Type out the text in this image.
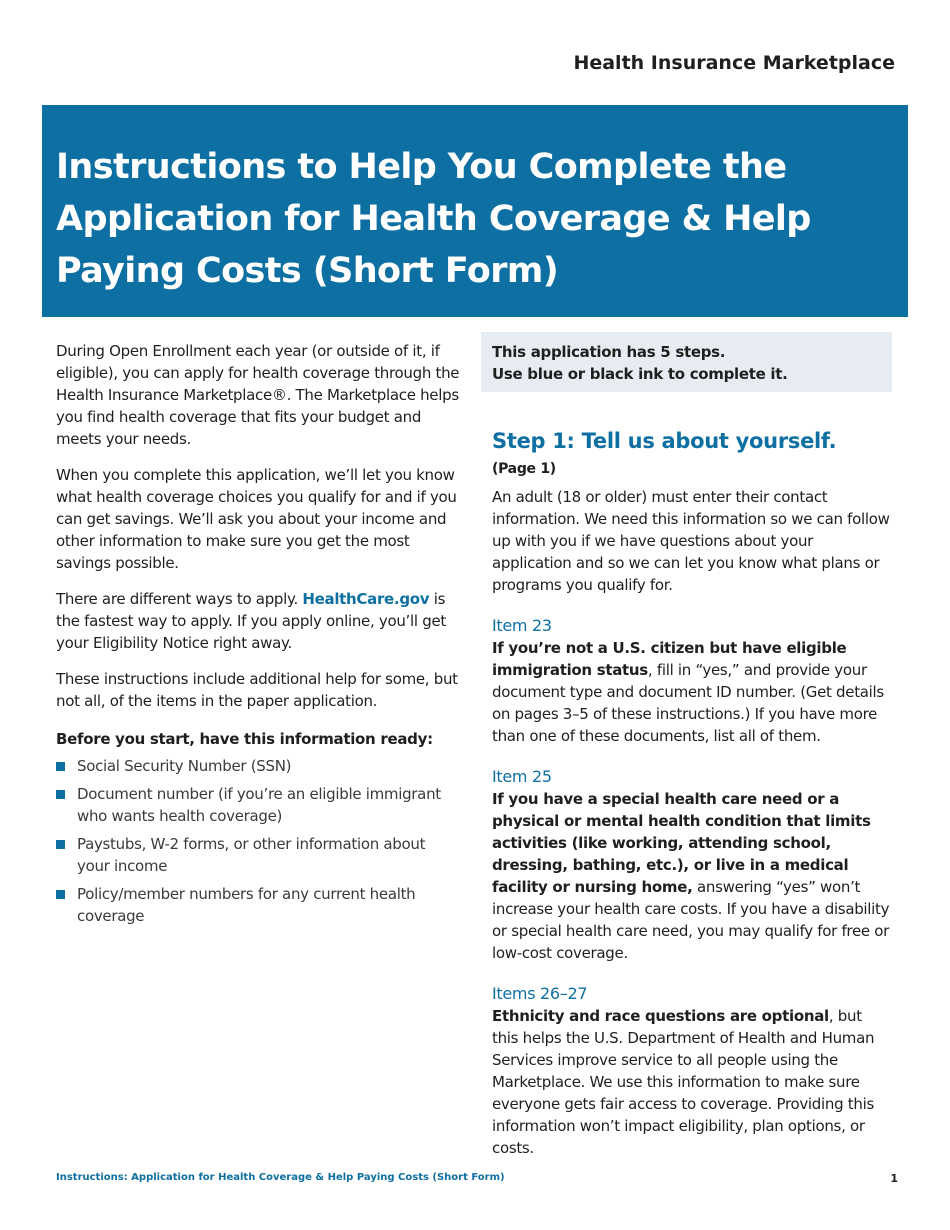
Health Insurance Marketplace
Instructions to Help You Complete the Application for Health Coverage & Help Paying Costs (Short Form)

During Open Enrollment each year (or outside of it, if eligible), you can apply for health coverage through the Health Insurance Marketplace®. The Marketplace helps you find health coverage that fits your budget and meets your needs.

When you complete this application, we’ll let you know what health coverage choices you qualify for and if you can get savings. We’ll ask you about your income and other information to make sure you get the most savings possible.

There are different ways to apply. HealthCare.gov is the fastest way to apply. If you apply online, you’ll get your Eligibility Notice right away.

These instructions include additional help for some, but not all, of the items in the paper application.

Before you start, have this information ready:
Social Security Number (SSN)
Document number (if you’re an eligible immigrant who wants health coverage)
Paystubs, W-2 forms, or other information about your income
Policy/member numbers for any current health coverage
This application has 5 steps.
Use blue or black ink to complete it.
Step 1: Tell us about yourself.
(Page 1)

An adult (18 or older) must enter their contact information. We need this information so we can follow up with you if we have questions about your application and so we can let you know what plans or programs you qualify for.

Item 23

If you’re not a U.S. citizen but have eligible immigration status, fill in “yes,” and provide your document type and document ID number. (Get details on pages 3–5 of these instructions.) If you have more than one of these documents, list all of them.

Item 25

If you have a special health care need or a physical or mental health condition that limits activities (like working, attending school, dressing, bathing, etc.), or live in a medical facility or nursing home, answering “yes” won’t increase your health care costs. If you have a disability or special health care need, you may qualify for free or low-cost coverage.

Items 26–27

Ethnicity and race questions are optional, but this helps the U.S. Department of Health and Human Services improve service to all people using the Marketplace. We use this information to make sure everyone gets fair access to coverage. Providing this information won’t impact eligibility, plan options, or costs.

Instructions: Application for Health Coverage & Help Paying Costs (Short Form)	1
